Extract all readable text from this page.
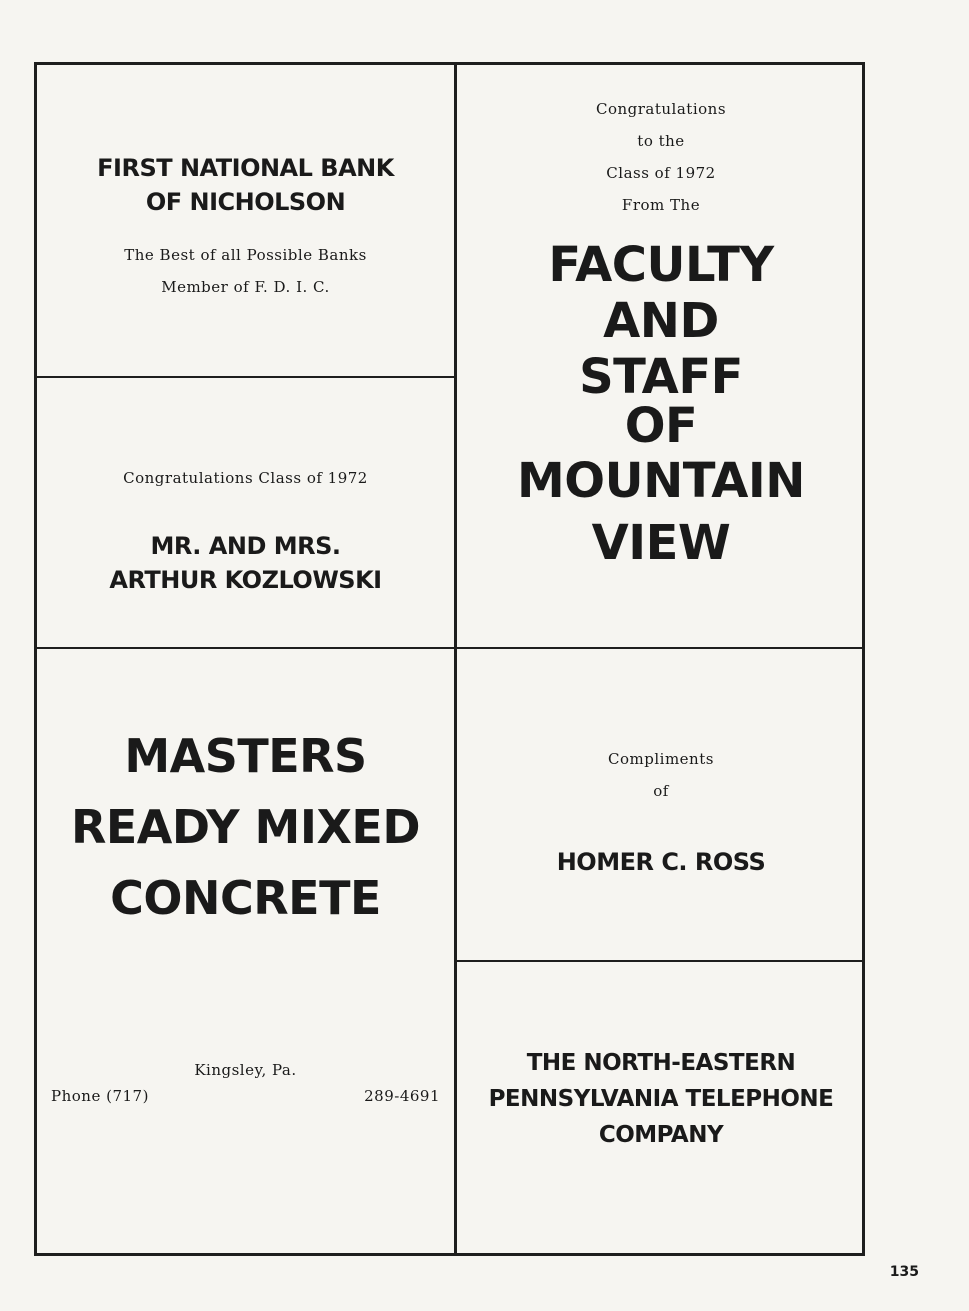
FIRST NATIONAL BANK
OF NICHOLSON
The Best of all Possible Banks
Member of F. D. I. C.
Congratulations Class of 1972
MR. AND MRS.
ARTHUR KOZLOWSKI
Congratulations
to the
Class of 1972
From The
FACULTY
AND
STAFF
OF
MOUNTAIN
VIEW
MASTERS
READY MIXED
CONCRETE
Kingsley, Pa.
Phone (717)	289-4691
Compliments
of
HOMER C. ROSS
THE NORTH-EASTERN
PENNSYLVANIA TELEPHONE
COMPANY
135
